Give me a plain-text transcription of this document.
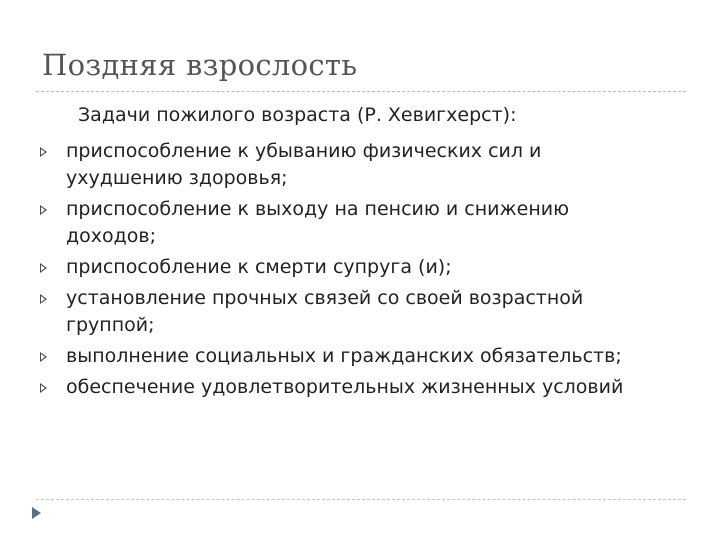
Поздняя взрослость
Задачи пожилого возраста (Р. Хевигхерст):
приспособление к убыванию физических сил и
ухудшению здоровья;
приспособление к выходу на пенсию и снижению
доходов;
приспособление к смерти супруга (и);
установление прочных связей со своей возрастной
группой;
выполнение социальных и гражданских обязательств;
обеспечение удовлетворительных жизненных условий
